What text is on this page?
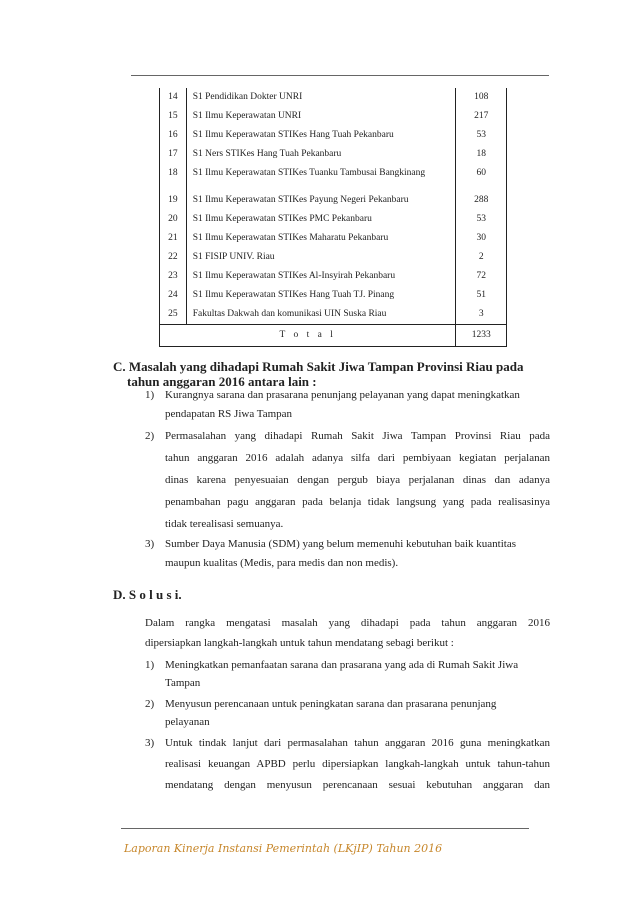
14	S1 Pendidikan Dokter UNRI	108
15	S1 Ilmu Keperawatan UNRI	217
16	S1 Ilmu Keperawatan STIKes Hang Tuah Pekanbaru	53
17	S1 Ners STIKes Hang Tuah Pekanbaru	18
18	S1 Ilmu Keperawatan STIKes Tuanku Tambusai Bangkinang	60
19	S1 Ilmu Keperawatan STIKes Payung Negeri Pekanbaru	288
20	S1 Ilmu Keperawatan STIKes PMC Pekanbaru	53
21	S1 Ilmu Keperawatan STIKes Maharatu Pekanbaru	30
22	S1 FISIP UNIV. Riau	2
23	S1 Ilmu Keperawatan STIKes Al-Insyirah Pekanbaru	72
24	S1 Ilmu Keperawatan STIKes Hang Tuah TJ. Pinang	51
25	Fakultas Dakwah dan komunikasi UIN Suska Riau	3
T o t a l		1233
C. Masalah yang dihadapi Rumah Sakit Jiwa Tampan Provinsi Riau pada
tahun anggaran 2016 antara lain :
1) Kurangnya sarana dan prasarana penunjang pelayanan yang dapat meningkatkan
pendapatan RS Jiwa Tampan
2) Permasalahan yang dihadapi Rumah Sakit Jiwa Tampan Provinsi Riau pada
tahun anggaran 2016 adalah adanya silfa dari pembiyaan kegiatan perjalanan
dinas karena penyesuaian dengan pergub biaya perjalanan dinas dan adanya
penambahan pagu anggaran pada belanja tidak langsung yang pada realisasinya
tidak terealisasi semuanya.
3) Sumber Daya Manusia (SDM) yang belum memenuhi kebutuhan baik kuantitas
maupun kualitas (Medis, para medis dan non medis).
D. S o l u s i.
Dalam rangka mengatasi masalah yang dihadapi pada tahun anggaran 2016
dipersiapkan langkah-langkah untuk tahun mendatang sebagi berikut :
1) Meningkatkan pemanfaatan sarana dan prasarana yang ada di Rumah Sakit Jiwa
Tampan
2) Menyusun perencanaan untuk peningkatan sarana dan prasarana penunjang
pelayanan
3) Untuk tindak lanjut dari permasalahan tahun anggaran 2016 guna meningkatkan
realisasi keuangan APBD perlu dipersiapkan langkah-langkah untuk tahun-tahun
mendatang dengan menyusun perencanaan sesuai kebutuhan anggaran dan
Laporan Kinerja Instansi Pemerintah (LKjIP) Tahun 2016
